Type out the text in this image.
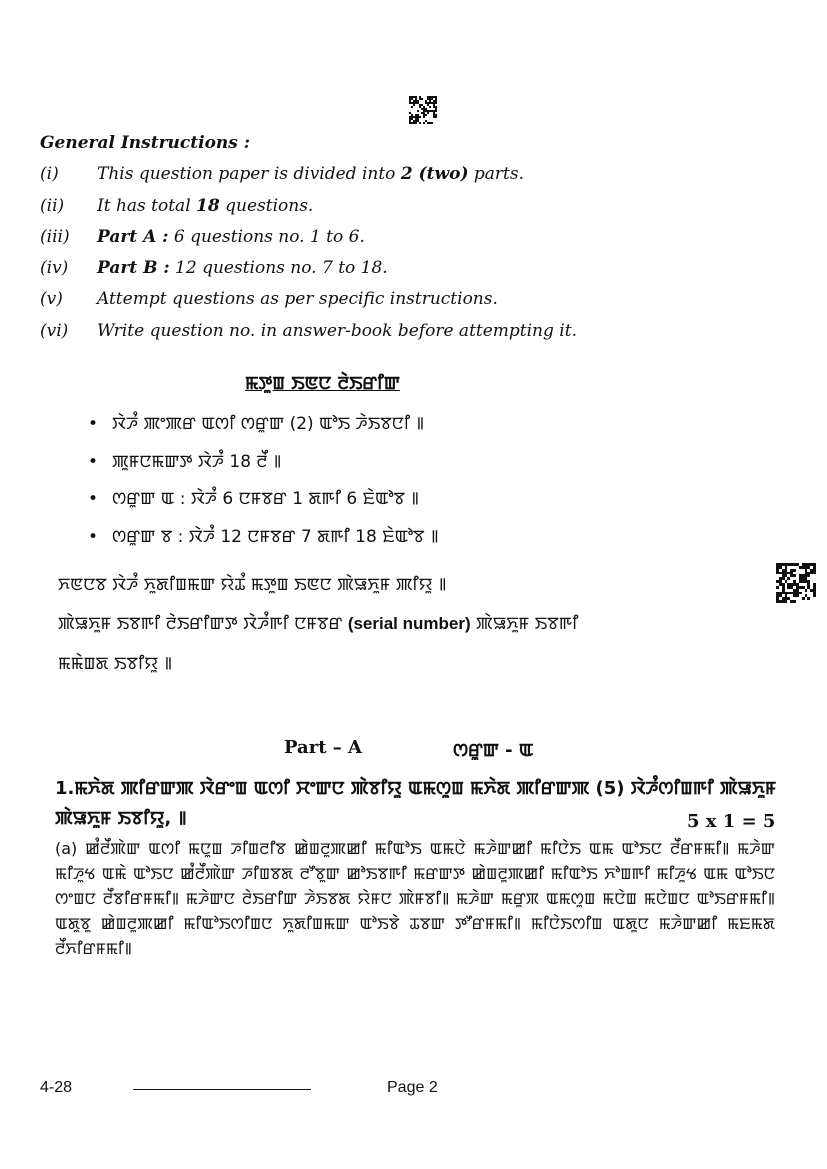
General Instructions :
(i)	This question paper is divided into 2 (two) parts.
(ii)	It has total 18 questions.
(iii)	Part A : 6 questions no. 1 to 6.
(iv)	Part B : 12 questions no. 7 to 18.
(v)	Attempt questions as per specific instructions.
(vi)	Write question no. in answer-book before attempting it.
ꯃꯇꯨꯡ ꯏꯟꯅ ꯂꯥꯏꯔꯤꯛ
• ꯋꯥꯍꯪ ꯄꯦꯄꯔ ꯑꯁꯤ ꯁꯔꯨꯛ (2) ꯑꯣꯏ ꯍꯥꯏꯕꯅꯤ ꯫
• ꯄꯨꯝꯅꯃꯛꯇ ꯋꯥꯍꯪ 18 ꯂꯩ ꯫
• ꯁꯔꯨꯛ ꯑ : ꯋꯥꯍꯪ 6 ꯅꯝꯕꯔ 1 ꯗꯒꯤ 6 ꯐꯥꯑꯣꯕ ꯫
• ꯁꯔꯨꯛ ꯕ : ꯋꯥꯍꯪ 12 ꯅꯝꯕꯔ 7 ꯗꯒꯤ 18 ꯐꯥꯑꯣꯕ ꯫
ꯈꯟꯅꯕ ꯋꯥꯍꯪ ꯈꯨꯗꯤꯡꯃꯛ ꯌꯥꯊꯪ ꯃꯇꯨꯡ ꯏꯟꯅ ꯄꯥꯎꯈꯨꯝ ꯄꯤꯌꯨ ꯫
ꯄꯥꯎꯈꯨꯝ ꯏꯕꯒꯤ ꯂꯥꯏꯔꯤꯛꯇ ꯋꯥꯍꯪꯒꯤ ꯅꯝꯕꯔ (serial number) ꯄꯥꯎꯈꯨꯝ ꯏꯕꯒꯤ
ꯃꯃꯥꯡꯗ ꯏꯕꯤꯌꯨ ꯫
Part – A	ꯁꯔꯨꯛ - ꯑ
1.ꯃꯈꯥꯗ ꯄꯤꯔꯛꯄ ꯋꯥꯔꯦꯡ ꯑꯁꯤ ꯆꯦꯛꯅ ꯄꯥꯕꯤꯌꯨ ꯑꯃꯁꯨꯡ ꯃꯈꯥꯗ ꯄꯤꯔꯛꯄ (5) ꯋꯥꯍꯪꯁꯤꯡꯒꯤ ꯄꯥꯎꯈꯨꯝ
ꯄꯥꯎꯈꯨꯝ ꯏꯕꯤꯌꯨ, ꯫	5 x 1 = 5
(a) ꯀꯪꯂꯩꯄꯥꯛ ꯑꯁꯤ ꯃꯅꯨꯡ ꯍꯤꯡꯂꯤꯕ ꯀꯥꯡꯂꯨꯄꯀꯤ ꯃꯤꯑꯣꯏ ꯑꯃꯅꯥ ꯃꯍꯥꯛꯀꯤ ꯃꯤꯅꯥꯏ ꯑꯃ ꯑꯣꯏꯅ ꯂꯩꯔꯝꯃꯤ꯫ ꯃꯍꯥꯛ ꯃꯤꯍꯨꯠ ꯑꯃꯥ ꯑꯣꯏꯅ ꯀꯪꯂꯩꯄꯥꯛ ꯍꯤꯡꯕꯗ ꯂꯧꯕꯨꯛ ꯀꯣꯏꯕꯒꯤ ꯃꯔꯛꯇ ꯀꯥꯡꯂꯨꯄꯀꯤ ꯃꯤꯑꯣꯏ ꯈꯣꯡꯒꯤ ꯃꯤꯍꯨꯠ ꯑꯃ ꯑꯣꯏꯅ ꯁꯦꯡꯅ ꯂꯩꯕꯤꯔꯝꯃꯤ꯫ ꯃꯍꯥꯛꯅ ꯂꯥꯏꯔꯤꯛ ꯍꯥꯏꯕꯗ ꯌꯥꯝꯅ ꯄꯥꯝꯕꯤ꯫ ꯃꯍꯥꯛ ꯃꯔꯨꯞ ꯑꯃꯁꯨꯡ ꯃꯅꯥꯡ ꯃꯅꯥꯡꯅ ꯑꯣꯏꯔꯝꯃꯤ꯫ ꯑꯗꯨꯕꯨ ꯀꯥꯡꯂꯨꯄꯀꯤ ꯃꯤꯑꯣꯏꯁꯤꯡꯅ ꯈꯨꯗꯤꯡꯃꯛ ꯑꯣꯏꯕꯥ ꯊꯕꯛ ꯇꯧꯔꯝꯃꯤ꯫ ꯃꯤꯅꯥꯏꯁꯤꯡ ꯑꯗꯨꯅ ꯃꯍꯥꯛꯀꯤ ꯃꯐꯃꯗ ꯂꯩꯈꯤꯔꯝꯃꯤ꯫
4-28	Page 2
